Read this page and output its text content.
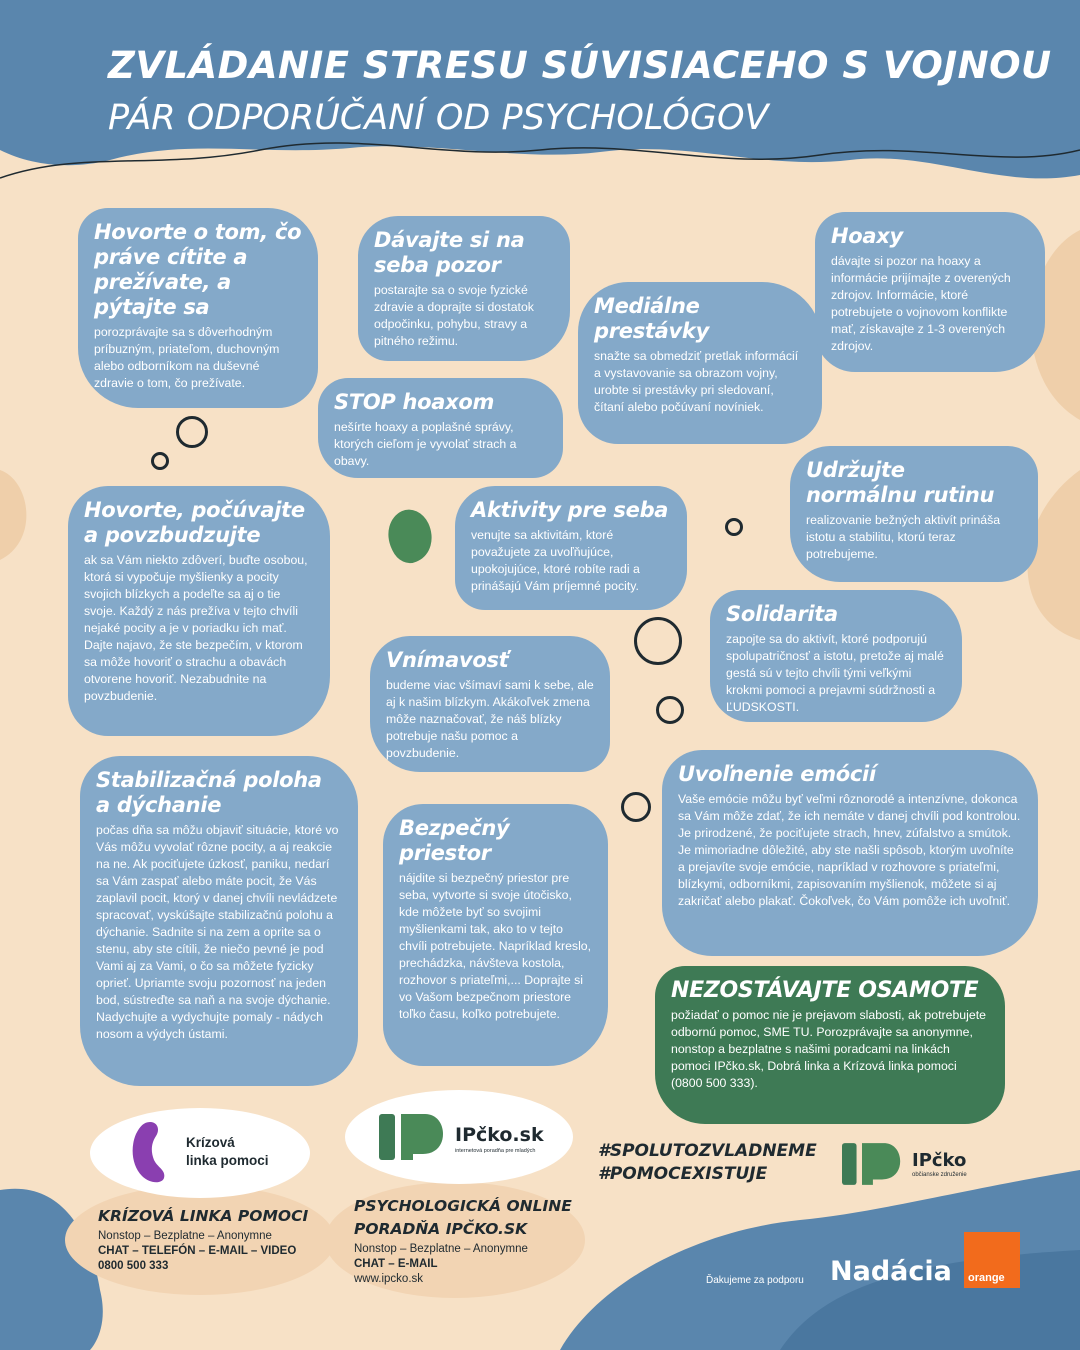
ZVLÁDANIE STRESU SÚVISIACEHO S VOJNOU
PÁR ODPORÚČANÍ OD PSYCHOLÓGOV
Hovorte o tom, čo práve cítite a prežívate, a pýtajte sa

porozprávajte sa s dôverhodným príbuzným, priateľom, duchovným alebo odborníkom na duševné zdravie o tom, čo prežívate.

Dávajte si na seba pozor

postarajte sa o svoje fyzické zdravie a doprajte si dostatok odpočinku, pohybu, stravy a pitného režimu.

Mediálne prestávky

snažte sa obmedziť pretlak informácií a vystavovanie sa obrazom vojny, urobte si prestávky pri sledovaní, čítaní alebo počúvaní novíniek.

Hoaxy

dávajte si pozor na hoaxy a informácie prijímajte z overených zdrojov. Informácie, ktoré potrebujete o vojnovom konflikte mať, získavajte z 1-3 overených zdrojov.

STOP hoaxom

nešírte hoaxy a poplašné správy, ktorých cieľom je vyvolať strach a obavy.

Hovorte, počúvajte a povzbudzujte

ak sa Vám niekto zdôverí, buďte osobou, ktorá si vypočuje myšlienky a pocity svojich blízkych a podeľte sa aj o tie svoje. Každý z nás prežíva v tejto chvíli nejaké pocity a je v poriadku ich mať. Dajte najavo, že ste bezpečím, v ktorom sa môže hovoriť o strachu a obavách otvorene hovoriť. Nezabudnite na povzbudenie.

Aktivity pre seba

venujte sa aktivitám, ktoré považujete za uvoľňujúce, upokojujúce, ktoré robíte radi a prinášajú Vám príjemné pocity.

Udržujte normálnu rutinu

realizovanie bežných aktivít prináša istotu a stabilitu, ktorú teraz potrebujeme.

Solidarita

zapojte sa do aktivít, ktoré podporujú spolupatričnosť a istotu, pretože aj malé gestá sú v tejto chvíli tými veľkými krokmi pomoci a prejavmi súdržnosti a ĽUDSKOSTI.

Vnímavosť

budeme viac všímaví sami k sebe, ale aj k našim blízkym. Akákoľvek zmena môže naznačovať, že náš blízky potrebuje našu pomoc a povzbudenie.

Stabilizačná poloha a dýchanie

počas dňa sa môžu objaviť situácie, ktoré vo Vás môžu vyvolať rôzne pocity, a aj reakcie na ne. Ak pociťujete úzkosť, paniku, nedarí sa Vám zaspať alebo máte pocit, že Vás zaplavil pocit, ktorý v danej chvíli nevládzete spracovať, vyskúšajte stabilizačnú polohu a dýchanie. Sadnite si na zem a oprite sa o stenu, aby ste cítili, že niečo pevné je pod Vami aj za Vami, o čo sa môžete fyzicky oprieť. Upriamte svoju pozornosť na jeden bod, sústreďte sa naň a na svoje dýchanie. Nadychujte a vydychujte pomaly - nádych nosom a výdych ústami.

Bezpečný priestor

nájdite si bezpečný priestor pre seba, vytvorte si svoje útočisko, kde môžete byť so svojimi myšlienkami tak, ako to v tejto chvíli potrebujete. Napríklad kreslo, prechádzka, návšteva kostola, rozhovor s priateľmi,... Doprajte si vo Vašom bezpečnom priestore toľko času, koľko potrebujete.

Uvoľnenie emócií

Vaše emócie môžu byť veľmi rôznorodé a intenzívne, dokonca sa Vám môže zdať, že ich nemáte v danej chvíli pod kontrolou. Je prirodzené, že pociťujete strach, hnev, zúfalstvo a smútok. Je mimoriadne dôležité, aby ste našli spôsob, ktorým uvoľníte a prejavíte svoje emócie, napríklad v rozhovore s priateľmi, blízkymi, odborníkmi, zapisovaním myšlienok, môžete si aj zakričať alebo plakať. Čokoľvek, čo Vám pomôže ich uvoľniť.

NEZOSTÁVAJTE OSAMOTE

požiadať o pomoc nie je prejavom slabosti, ak potrebujete odbornú pomoc, SME TU. Porozprávajte sa anonymne, nonstop a bezplatne s našimi poradcami na linkách pomoci IPčko.sk, Dobrá linka a Krízová linka pomoci (0800 500 333).

Krízová
linka pomoci
IPčko.sk
internetová poradňa pre mladých
KRÍZOVÁ LINKA POMOCI
Nonstop – Bezplatne – Anonymne
CHAT – TELEFÓN – E-MAIL – VIDEO
0800 500 333
PSYCHOLOGICKÁ ONLINE
PORADŇA IPČKO.SK
Nonstop – Bezplatne – Anonymne
CHAT – E-MAIL
www.ipcko.sk
#SPOLUTOZVLADNEME
#POMOCEXISTUJE
IPčko
občianske združenie
Ďakujeme za podporu Nadácia orange
